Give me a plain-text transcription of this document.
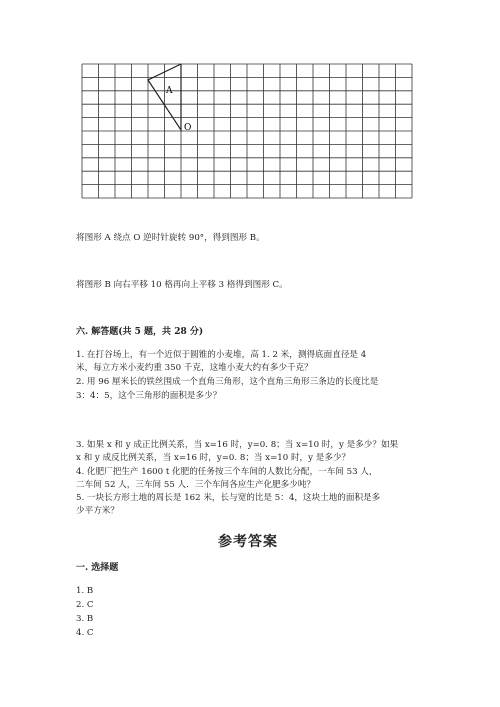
A
O
将图形 A 绕点 O 逆时针旋转 90°，得到图形 B。
将图形 B 向右平移 10 格再向上平移 3 格得到图形 C。
六. 解答题(共 5 题，共 28 分)
1. 在打谷场上，有一个近似于圆锥的小麦堆，高 1. 2 米，测得底面直径是 4
米，每立方米小麦约重 350 千克，这堆小麦大约有多少千克？
2. 用 96 厘米长的铁丝围成一个直角三角形，这个直角三角形三条边的长度比是
3：4：5，这个三角形的面积是多少？
3. 如果 x 和 y 成正比例关系，当 x=16 时，y=0. 8；当 x=10 时，y 是多少？如果
x 和 y 成反比例关系，当 x=16 时，y=0. 8；当 x=10 时，y 是多少？
4. 化肥厂把生产 1600 t 化肥的任务按三个车间的人数比分配，一车间 53 人，
二车间 52 人，三车间 55 人．三个车间各应生产化肥多少吨？
5. 一块长方形土地的周长是 162 米，长与宽的比是 5：4，这块土地的面积是多
少平方米？
参考答案
一. 选择题
1. B
2. C
3. B
4. C
